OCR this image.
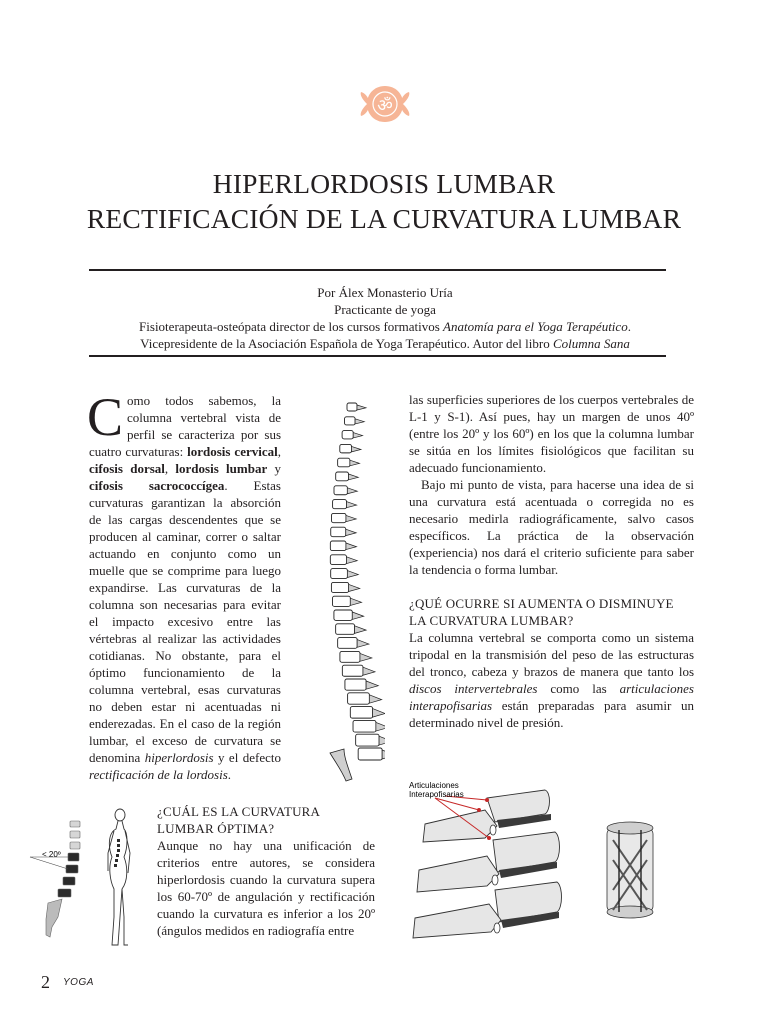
ॐ
HIPERLORDOSIS LUMBAR
RECTIFICACIÓN DE LA CURVATURA LUMBAR
Por Álex Monasterio Uría
Practicante de yoga
Fisioterapeuta-osteópata director de los cursos formativos Anatomía para el Yoga Terapéutico.
Vicepresidente de la Asociación Española de Yoga Terapéutico. Autor del libro Columna Sana

Como todos sabemos, la columna vertebral vista de perfil se caracteriza por sus cuatro curvaturas: lordosis cervical, cifosis dorsal, lordosis lumbar y cifosis sacrococcígea. Estas curvaturas garantizan la absorción de las cargas descendentes que se producen al caminar, correr o saltar actuando en conjunto como un muelle que se comprime para luego expandirse. Las curvaturas de la columna son necesarias para evitar el impacto excesivo entre las vértebras al realizar las actividades cotidianas. No obstante, para el óptimo funcionamiento de la columna vertebral, esas curvaturas no deben estar ni acentuadas ni enderezadas. En el caso de la región lumbar, el exceso de curvatura se denomina hiperlordosis y el defecto rectificación de la lordosis.

¿CUÁL ES LA CURVATURA LUMBAR ÓPTIMA?

Aunque no hay una unificación de criterios entre autores, se considera hiperlordosis cuando la curvatura supera los 60-70º de angulación y rectificación cuando la curvatura es inferior a los 20º (ángulos medidos en radiografía entre

< 20º

las superficies superiores de los cuerpos vertebrales de L-1 y S-1). Así pues, hay un margen de unos 40º (entre los 20º y los 60º) en los que la columna lumbar se sitúa en los límites fisiológicos que facilitan su adecuado funcionamiento.

Bajo mi punto de vista, para hacerse una idea de si una curvatura está acentuada o corregida no es necesario medirla radiográficamente, salvo casos específicos. La práctica de la observación (experiencia) nos dará el criterio suficiente para saber la tendencia o forma lumbar.

¿QUÉ OCURRE SI AUMENTA O DISMINUYE LA CURVATURA LUMBAR?

La columna vertebral se comporta como un sistema tripodal en la transmisión del peso de las estructuras del tronco, cabeza y brazos de manera que tanto los discos intervertebrales como las articulaciones interapofisarias están preparadas para asumir un determinado nivel de presión.

Articulaciones
Interapofisarias
2 YOGA
